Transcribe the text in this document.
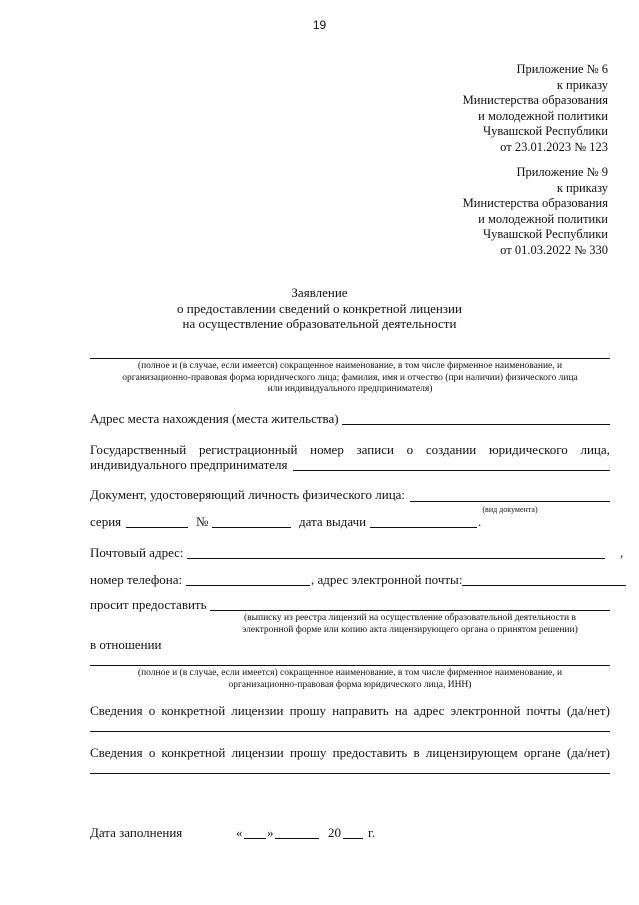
19
Приложение № 6
к приказу
Министерства образования
и молодежной политики
Чувашской Республики
от 23.01.2023 № 123
Приложение № 9
к приказу
Министерства образования
и молодежной политики
Чувашской Республики
от 01.03.2022 № 330
Заявление
о предоставлении сведений о конкретной лицензии
на осуществление образовательной деятельности
(полное и (в случае, если имеется) сокращенное наименование, в том числе фирменное наименование, и
организационно-правовая форма юридического лица; фамилия, имя и отчество (при наличии) физического лица
или индивидуального предпринимателя)
Адрес места нахождения (места жительства)
Государственный регистрационный номер записи о создании юридического лица,
индивидуального предпринимателя
Документ, удостоверяющий личность физического лица:
(вид документа)
серия	№	дата выдачи	.
Почтовый адрес:	,
номер телефона:	, адрес электронной почты:
просит предоставить
(выписку из реестра лицензий на осуществление образовательной деятельности в
электронной форме или копию акта лицензирующего органа о принятом решении)
в отношении
(полное и (в случае, если имеется) сокращенное наименование, в том числе фирменное наименование, и
организационно-правовая форма юридического лица, ИНН)
Сведения о конкретной лицензии прошу направить на адрес электронной почты (да/нет)
Сведения о конкретной лицензии прошу предоставить в лицензирующем органе (да/нет)
Дата заполнения	« »	20 г.
